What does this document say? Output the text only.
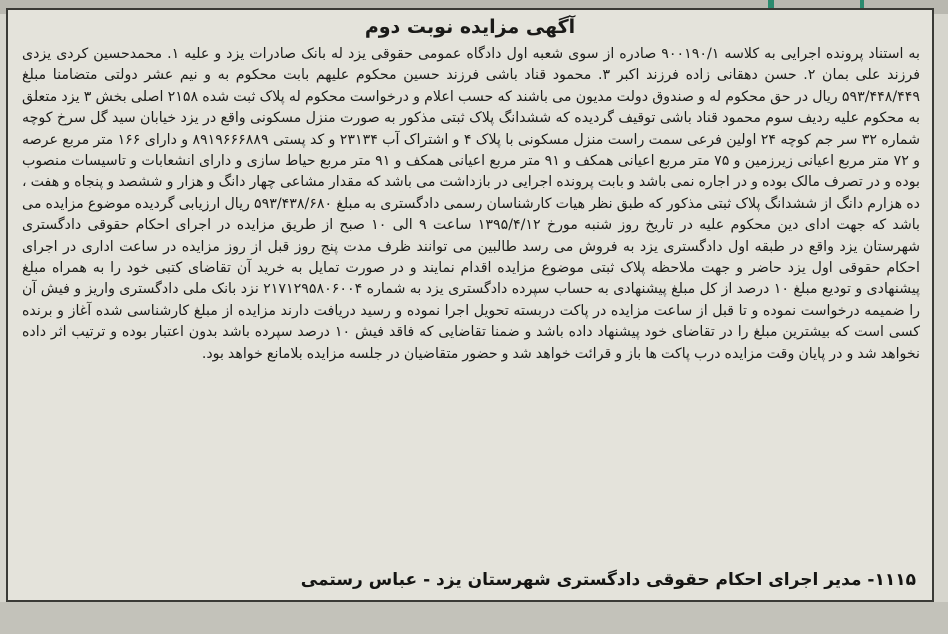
آگهی مزایده نوبت دوم
به استناد پرونده اجرایی به کلاسه ۹۰۰۱۹۰/۱ صادره از سوی شعبه اول دادگاه عمومی حقوقی یزد له بانک صادرات یزد و علیه ۱. محمدحسین کردی یزدی فرزند علی بمان ۲. حسن دهقانی زاده فرزند اکبر ۳. محمود قناد باشی فرزند حسین محکوم علیهم بابت محکوم به و نیم عشر دولتی متضامنا مبلغ ۵۹۳/۴۴۸/۴۴۹ ریال در حق محکوم له و صندوق دولت مدیون می باشند که حسب اعلام و درخواست محکوم له پلاک ثبت شده ۲۱۵۸ اصلی بخش ۳ یزد متعلق به محکوم علیه ردیف سوم محمود قناد باشی توقیف گردیده که ششدانگ پلاک ثبتی مذکور به صورت منزل مسکونی واقع در یزد خیابان سید گل سرخ کوچه شماره ۳۲ سر جم کوچه ۲۴ اولین فرعی سمت راست منزل مسکونی با پلاک ۴ و اشتراک آب ۲۳۱۳۴ و کد پستی ۸۹۱۹۶۶۶۸۸۹ و دارای ۱۶۶ متر مربع عرصه و ۷۲ متر مربع اعیانی زیرزمین و ۷۵ متر مربع اعیانی همکف و ۹۱ متر مربع اعیانی همکف و ۹۱ متر مربع حیاط سازی و دارای انشعابات و تاسیسات منصوب بوده و در تصرف مالک بوده و در اجاره نمی باشد و بابت پرونده اجرایی در بازداشت می باشد که مقدار مشاعی چهار دانگ و هزار و ششصد و پنجاه و هفت ، ده هزارم دانگ از ششدانگ پلاک ثبتی مذکور که طبق نظر هیات کارشناسان رسمی دادگستری به مبلغ ۵۹۳/۴۳۸/۶۸۰ ریال ارزیابی گردیده موضوع مزایده می باشد که جهت ادای دین محکوم علیه در تاریخ روز شنبه مورخ ۱۳۹۵/۴/۱۲ ساعت ۹ الی ۱۰ صبح از طریق مزایده در اجرای احکام حقوقی دادگستری شهرستان یزد واقع در طبقه اول دادگستری یزد به فروش می رسد طالبین می توانند ظرف مدت پنج روز قبل از روز مزایده در ساعت اداری در اجرای احکام حقوقی اول یزد حاضر و جهت ملاحظه پلاک ثبتی موضوع مزایده اقدام نمایند و در صورت تمایل به خرید آن تقاضای کتبی خود را به همراه مبلغ پیشنهادی و تودیع مبلغ ۱۰ درصد از کل مبلغ پیشنهادی به حساب سپرده دادگستری یزد به شماره ۲۱۷۱۲۹۵۸۰۶۰۰۴ نزد بانک ملی دادگستری واریز و فیش آن را ضمیمه درخواست نموده و تا قبل از ساعت مزایده در پاکت دربسته تحویل اجرا نموده و رسید دریافت دارند مزایده از مبلغ کارشناسی شده آغاز و برنده کسی است که بیشترین مبلغ را در تقاضای خود پیشنهاد داده باشد و ضمنا تقاضایی که فاقد فیش ۱۰ درصد سپرده باشد بدون اعتبار بوده و ترتیب اثر داده نخواهد شد و در پایان وقت مزایده درب پاکت ها باز و قرائت خواهد شد و حضور متقاضیان در جلسه مزایده بلامانع خواهد بود.
۱۱۱۵- مدیر اجرای احکام حقوقی دادگستری شهرستان یزد - عباس رستمی
